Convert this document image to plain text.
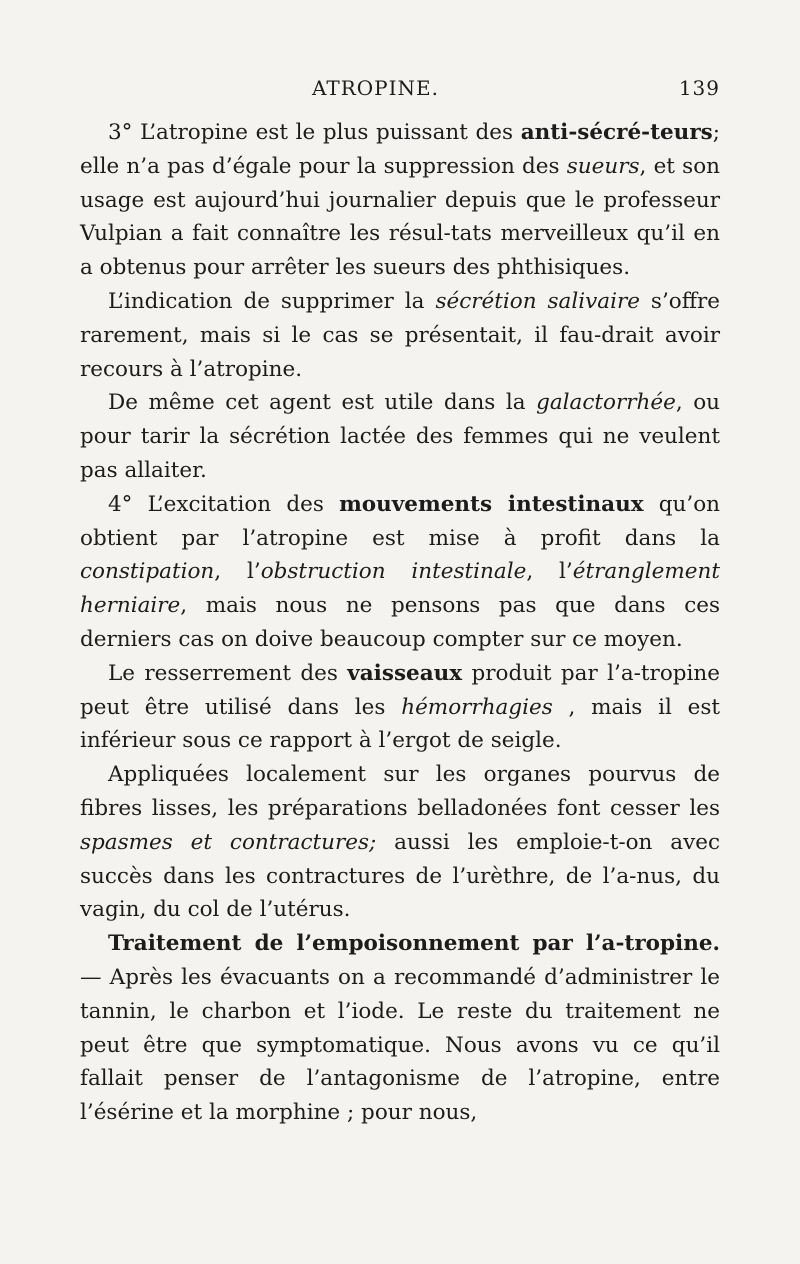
ATROPINE.	139

3° L’atropine est le plus puissant des anti-sécré-teurs; elle n’a pas d’égale pour la suppression des sueurs, et son usage est aujourd’hui journalier depuis que le professeur Vulpian a fait connaître les résul-tats merveilleux qu’il en a obtenus pour arrêter les sueurs des phthisiques.

L’indication de supprimer la sécrétion salivaire s’offre rarement, mais si le cas se présentait, il fau-drait avoir recours à l’atropine.

De même cet agent est utile dans la galactorrhée, ou pour tarir la sécrétion lactée des femmes qui ne veulent pas allaiter.

4° L’excitation des mouvements intestinaux qu’on obtient par l’atropine est mise à profit dans la constipation, l’obstruction intestinale, l’étranglement herniaire, mais nous ne pensons pas que dans ces derniers cas on doive beaucoup compter sur ce moyen.

Le resserrement des vaisseaux produit par l’a-tropine peut être utilisé dans les hémorrhagies , mais il est inférieur sous ce rapport à l’ergot de seigle.

Appliquées localement sur les organes pourvus de fibres lisses, les préparations belladonées font cesser les spasmes et contractures; aussi les emploie-t-on avec succès dans les contractures de l’urèthre, de l’a-nus, du vagin, du col de l’utérus.

Traitement de l’empoisonnement par l’a-tropine. — Après les évacuants on a recommandé d’administrer le tannin, le charbon et l’iode. Le reste du traitement ne peut être que symptomatique. Nous avons vu ce qu’il fallait penser de l’antagonisme de l’atropine, entre l’ésérine et la morphine ; pour nous,
